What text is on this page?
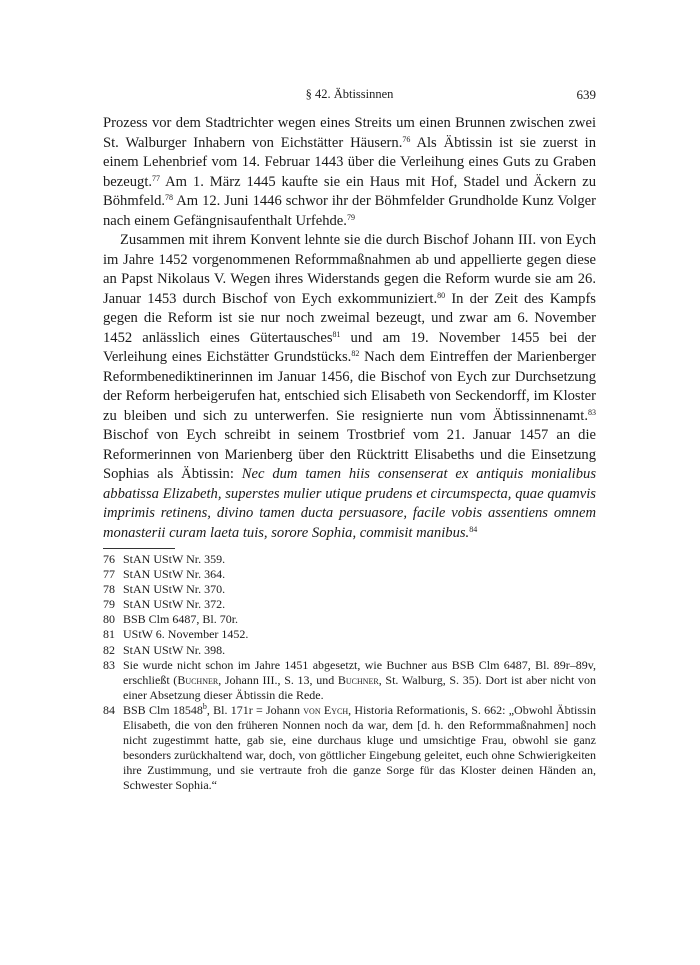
§ 42. Äbtissinnen	639

Prozess vor dem Stadtrichter wegen eines Streits um einen Brunnen zwischen zwei St. Walburger Inhabern von Eichstätter Häusern.$^{76}$ Als Äbtissin ist sie zuerst in einem Lehenbrief vom 14. Februar 1443 über die Verleihung eines Guts zu Graben bezeugt.$^{77}$ Am 1. März 1445 kaufte sie ein Haus mit Hof, Stadel und Äckern zu Böhmfeld.$^{78}$ Am 12. Juni 1446 schwor ihr der Böhmfelder Grundholde Kunz Volger nach einem Gefängnisaufenthalt Urfehde.$^{79}$

Zusammen mit ihrem Konvent lehnte sie die durch Bischof Johann III. von Eych im Jahre 1452 vorgenommenen Reformmaßnahmen ab und appellierte gegen diese an Papst Nikolaus V. Wegen ihres Widerstands gegen die Reform wurde sie am 26. Januar 1453 durch Bischof von Eych exkommuniziert.$^{80}$ In der Zeit des Kampfs gegen die Reform ist sie nur noch zweimal bezeugt, und zwar am 6. November 1452 anlässlich eines Gütertausches$^{81}$ und am 19. November 1455 bei der Verleihung eines Eichstätter Grundstücks.$^{82}$ Nach dem Eintreffen der Marienberger Reformbenediktinerinnen im Januar 1456, die Bischof von Eych zur Durchsetzung der Reform herbeigerufen hat, entschied sich Elisabeth von Seckendorff, im Kloster zu bleiben und sich zu unterwerfen. Sie resignierte nun vom Äbtissinnenamt.$^{83}$ Bischof von Eych schreibt in seinem Trostbrief vom 21. Januar 1457 an die Reformerinnen von Marienberg über den Rücktritt Elisabeths und die Einsetzung Sophias als Äbtissin: Nec dum tamen hiis consenserat ex antiquis monialibus abbatissa Elizabeth, superstes mulier utique prudens et circumspecta, quae quamvis imprimis retinens, divino tamen ducta persuasore, facile vobis assentiens omnem monasterii curam laeta tuis, sorore Sophia, commisit manibus.$^{84}$

76 StAN UStW Nr. 359.
77 StAN UStW Nr. 364.
78 StAN UStW Nr. 370.
79 StAN UStW Nr. 372.
80 BSB Clm 6487, Bl. 70r.
81 UStW 6. November 1452.
82 StAN UStW Nr. 398.
83 Sie wurde nicht schon im Jahre 1451 abgesetzt, wie Buchner aus BSB Clm 6487, Bl. 89r–89v, erschließt (Buchner, Johann III., S. 13, und Buchner, St. Walburg, S. 35). Dort ist aber nicht von einer Absetzung dieser Äbtissin die Rede.
84 BSB Clm 18548$^b$, Bl. 171r = Johann von Eych, Historia Reformationis, S. 662: „Obwohl Äbtissin Elisabeth, die von den früheren Nonnen noch da war, dem [d. h. den Reformmaßnahmen] noch nicht zugestimmt hatte, gab sie, eine durchaus kluge und umsichtige Frau, obwohl sie ganz besonders zurückhaltend war, doch, von göttlicher Eingebung geleitet, euch ohne Schwierigkeiten ihre Zustimmung, und sie vertraute froh die ganze Sorge für das Kloster deinen Händen an, Schwester Sophia.“
